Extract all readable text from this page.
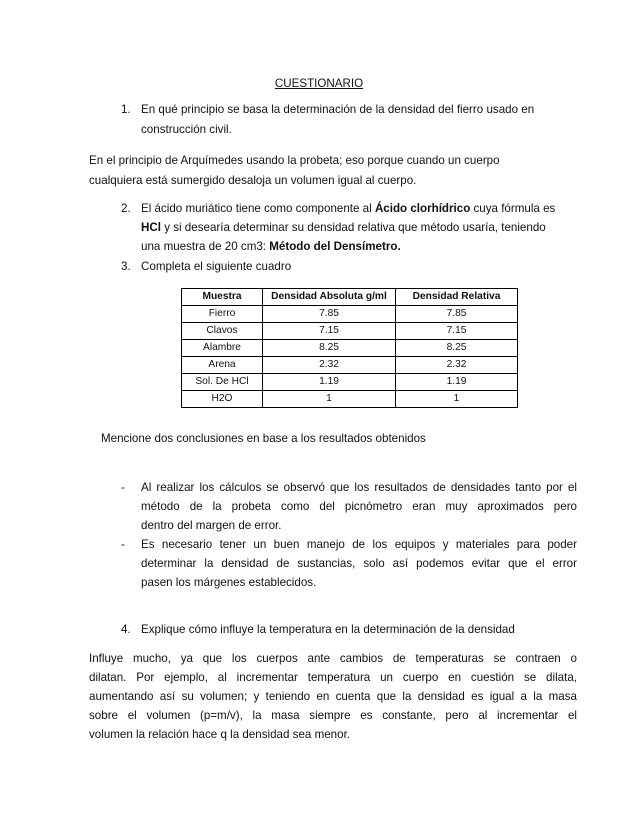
CUESTIONARIO
1. En qué principio se basa la determinación de la densidad del fierro usado en
construcción civil.
En el principio de Arquímedes usando la probeta; eso porque cuando un cuerpo
cualquiera está sumergido desaloja un volumen igual al cuerpo.
2. El ácido muriático tiene como componente al Ácido clorhídrico cuya fórmula es
HCl y si desearía determinar su densidad relativa que método usaría, teniendo
una muestra de 20 cm3: Método del Densímetro.
3. Completa el siguiente cuadro
Muestra	Densidad Absoluta g/ml	Densidad Relativa
Fierro	7.85	7.85
Clavos	7.15	7.15
Alambre	8.25	8.25
Arena	2.32	2.32
Sol. De HCl	1.19	1.19
H2O	1	1
Mencione dos conclusiones en base a los resultados obtenidos
- Al realizar los cálculos se observó que los resultados de densidades tanto por el
método de la probeta como del picnómetro eran muy aproximados pero
dentro del margen de error.
- Es necesario tener un buen manejo de los equipos y materiales para poder
determinar la densidad de sustancias, solo así podemos evitar que el error
pasen los márgenes establecidos.
4. Explique cómo influye la temperatura en la determinación de la densidad
Influye mucho, ya que los cuerpos ante cambios de temperaturas se contraen o
dilatan. Por ejemplo, al incrementar temperatura un cuerpo en cuestión se dilata,
aumentando así su volumen; y teniendo en cuenta que la densidad es igual a la masa
sobre el volumen (p=m/v), la masa siempre es constante, pero al incrementar el
volumen la relación hace q la densidad sea menor.
